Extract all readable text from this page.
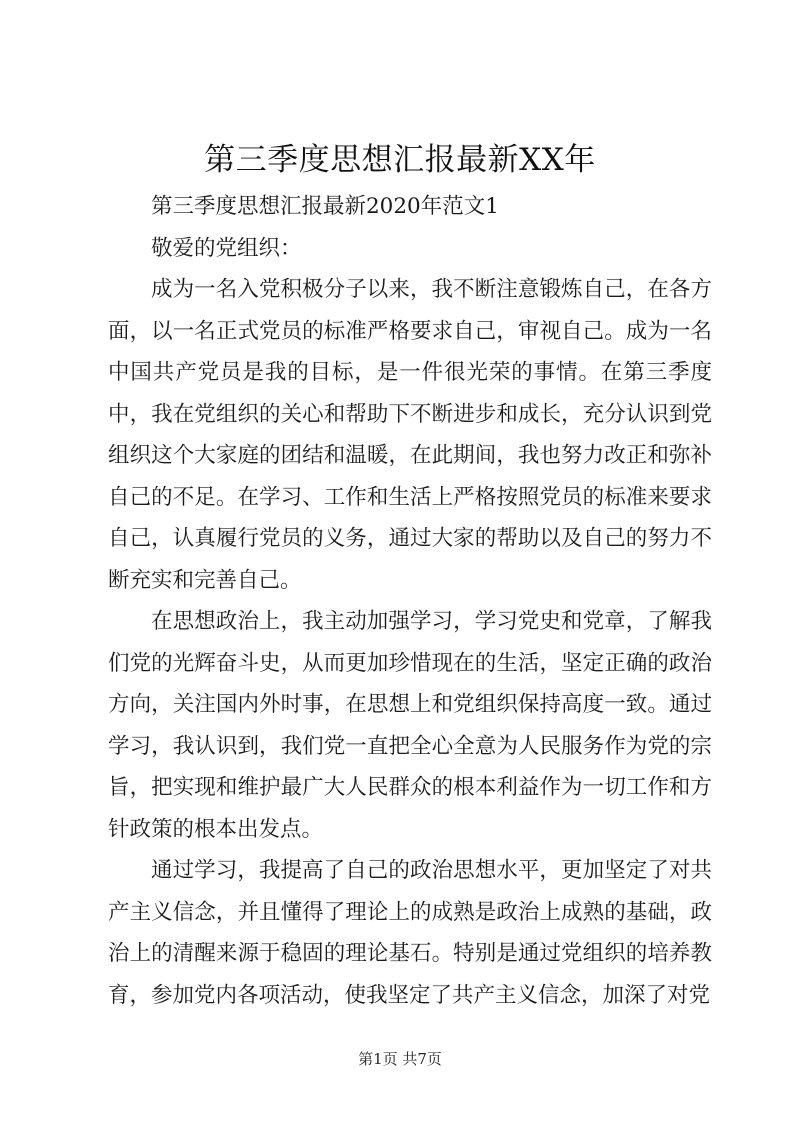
第三季度思想汇报最新XX年

第三季度思想汇报最新2020年范文1

敬爱的党组织：

成为一名入党积极分子以来，我不断注意锻炼自己，在各方面，以一名正式党员的标准严格要求自己，审视自己。成为一名中国共产党员是我的目标，是一件很光荣的事情。在第三季度中，我在党组织的关心和帮助下不断进步和成长，充分认识到党组织这个大家庭的团结和温暖，在此期间，我也努力改正和弥补自己的不足。在学习、工作和生活上严格按照党员的标准来要求自己，认真履行党员的义务，通过大家的帮助以及自己的努力不断充实和完善自己。

在思想政治上，我主动加强学习，学习党史和党章，了解我们党的光辉奋斗史，从而更加珍惜现在的生活，坚定正确的政治方向，关注国内外时事，在思想上和党组织保持高度一致。通过学习，我认识到，我们党一直把全心全意为人民服务作为党的宗旨，把实现和维护最广大人民群众的根本利益作为一切工作和方针政策的根本出发点。

通过学习，我提高了自己的政治思想水平，更加坚定了对共产主义信念，并且懂得了理论上的成熟是政治上成熟的基础，政治上的清醒来源于稳固的理论基石。特别是通过党组织的培养教育，参加党内各项活动，使我坚定了共产主义信念，加深了对党

第1页 共7页
